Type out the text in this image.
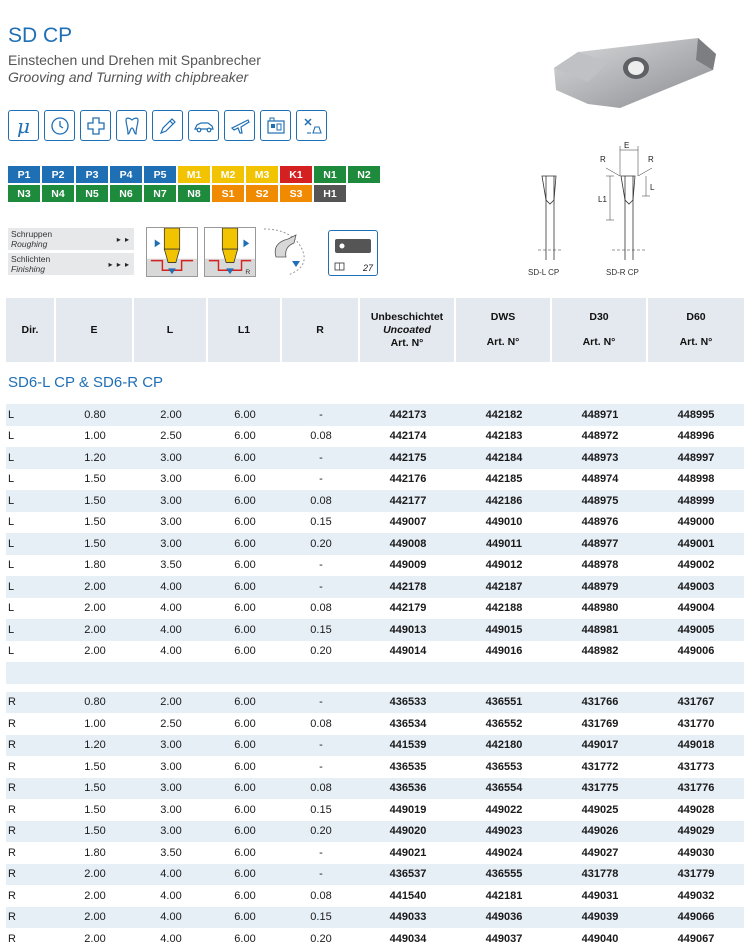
SD CP
Einstechen und Drehen mit Spanbrecher
Grooving and Turning with chipbreaker
μ
P1	P2	P3	P4	P5	M1	M2	M3	K1	N1	N2
N3	N4	N5	N6	N7	N8	S1	S2	S3	H1
Schruppen
Roughing	▸ ▸
Schlichten
Finishing	▸ ▸ ▸
R	27
E
R	R
L
L1
SD-L CP	SD-R CP
Dir.	E	L	L1	R
Unbeschichtet
Uncoated
Art. N°
DWS
Art. N°
D30
Art. N°
D60
Art. N°
SD6-L CP & SD6-R CP
L	0.80	2.00	6.00	-	442173	442182	448971	448995
L	1.00	2.50	6.00	0.08	442174	442183	448972	448996
L	1.20	3.00	6.00	-	442175	442184	448973	448997
L	1.50	3.00	6.00	-	442176	442185	448974	448998
L	1.50	3.00	6.00	0.08	442177	442186	448975	448999
L	1.50	3.00	6.00	0.15	449007	449010	448976	449000
L	1.50	3.00	6.00	0.20	449008	449011	448977	449001
L	1.80	3.50	6.00	-	449009	449012	448978	449002
L	2.00	4.00	6.00	-	442178	442187	448979	449003
L	2.00	4.00	6.00	0.08	442179	442188	448980	449004
L	2.00	4.00	6.00	0.15	449013	449015	448981	449005
L	2.00	4.00	6.00	0.20	449014	449016	448982	449006
R	0.80	2.00	6.00	-	436533	436551	431766	431767
R	1.00	2.50	6.00	0.08	436534	436552	431769	431770
R	1.20	3.00	6.00	-	441539	442180	449017	449018
R	1.50	3.00	6.00	-	436535	436553	431772	431773
R	1.50	3.00	6.00	0.08	436536	436554	431775	431776
R	1.50	3.00	6.00	0.15	449019	449022	449025	449028
R	1.50	3.00	6.00	0.20	449020	449023	449026	449029
R	1.80	3.50	6.00	-	449021	449024	449027	449030
R	2.00	4.00	6.00	-	436537	436555	431778	431779
R	2.00	4.00	6.00	0.08	441540	442181	449031	449032
R	2.00	4.00	6.00	0.15	449033	449036	449039	449066
R	2.00	4.00	6.00	0.20	449034	449037	449040	449067
